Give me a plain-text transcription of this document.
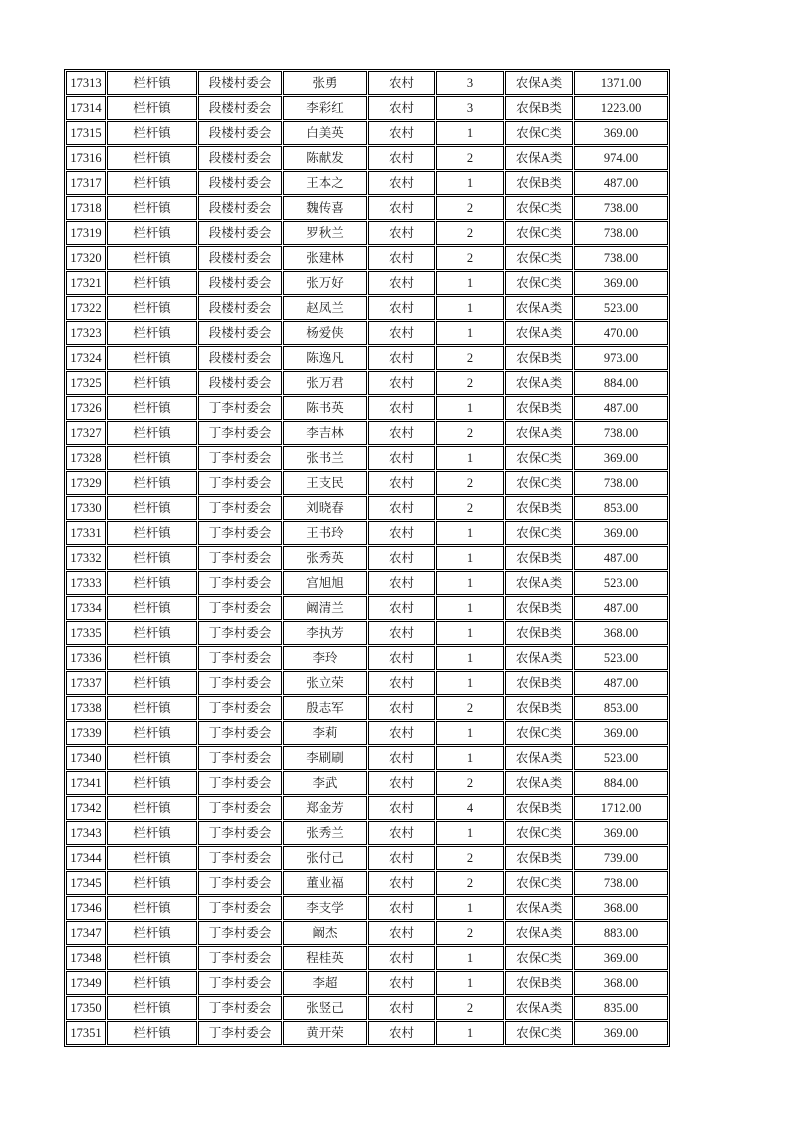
17313	栏杆镇	段楼村委会	张勇	农村	3	农保A类	1371.00
17314	栏杆镇	段楼村委会	李彩红	农村	3	农保B类	1223.00
17315	栏杆镇	段楼村委会	白美英	农村	1	农保C类	369.00
17316	栏杆镇	段楼村委会	陈献发	农村	2	农保A类	974.00
17317	栏杆镇	段楼村委会	王本之	农村	1	农保B类	487.00
17318	栏杆镇	段楼村委会	魏传喜	农村	2	农保C类	738.00
17319	栏杆镇	段楼村委会	罗秋兰	农村	2	农保C类	738.00
17320	栏杆镇	段楼村委会	张建林	农村	2	农保C类	738.00
17321	栏杆镇	段楼村委会	张万好	农村	1	农保C类	369.00
17322	栏杆镇	段楼村委会	赵凤兰	农村	1	农保A类	523.00
17323	栏杆镇	段楼村委会	杨爱侠	农村	1	农保A类	470.00
17324	栏杆镇	段楼村委会	陈逸凡	农村	2	农保B类	973.00
17325	栏杆镇	段楼村委会	张万君	农村	2	农保A类	884.00
17326	栏杆镇	丁李村委会	陈书英	农村	1	农保B类	487.00
17327	栏杆镇	丁李村委会	李吉林	农村	2	农保A类	738.00
17328	栏杆镇	丁李村委会	张书兰	农村	1	农保C类	369.00
17329	栏杆镇	丁李村委会	王支民	农村	2	农保C类	738.00
17330	栏杆镇	丁李村委会	刘晓春	农村	2	农保B类	853.00
17331	栏杆镇	丁李村委会	王书玲	农村	1	农保C类	369.00
17332	栏杆镇	丁李村委会	张秀英	农村	1	农保B类	487.00
17333	栏杆镇	丁李村委会	宫旭旭	农村	1	农保A类	523.00
17334	栏杆镇	丁李村委会	阚清兰	农村	1	农保B类	487.00
17335	栏杆镇	丁李村委会	李执芳	农村	1	农保B类	368.00
17336	栏杆镇	丁李村委会	李玲	农村	1	农保A类	523.00
17337	栏杆镇	丁李村委会	张立荣	农村	1	农保B类	487.00
17338	栏杆镇	丁李村委会	殷志军	农村	2	农保B类	853.00
17339	栏杆镇	丁李村委会	李莉	农村	1	农保C类	369.00
17340	栏杆镇	丁李村委会	李刷刷	农村	1	农保A类	523.00
17341	栏杆镇	丁李村委会	李武	农村	2	农保A类	884.00
17342	栏杆镇	丁李村委会	郑金芳	农村	4	农保B类	1712.00
17343	栏杆镇	丁李村委会	张秀兰	农村	1	农保C类	369.00
17344	栏杆镇	丁李村委会	张付己	农村	2	农保B类	739.00
17345	栏杆镇	丁李村委会	董业福	农村	2	农保C类	738.00
17346	栏杆镇	丁李村委会	李支学	农村	1	农保A类	368.00
17347	栏杆镇	丁李村委会	阚杰	农村	2	农保A类	883.00
17348	栏杆镇	丁李村委会	程桂英	农村	1	农保C类	369.00
17349	栏杆镇	丁李村委会	李超	农村	1	农保B类	368.00
17350	栏杆镇	丁李村委会	张竖己	农村	2	农保A类	835.00
17351	栏杆镇	丁李村委会	黄开荣	农村	1	农保C类	369.00
